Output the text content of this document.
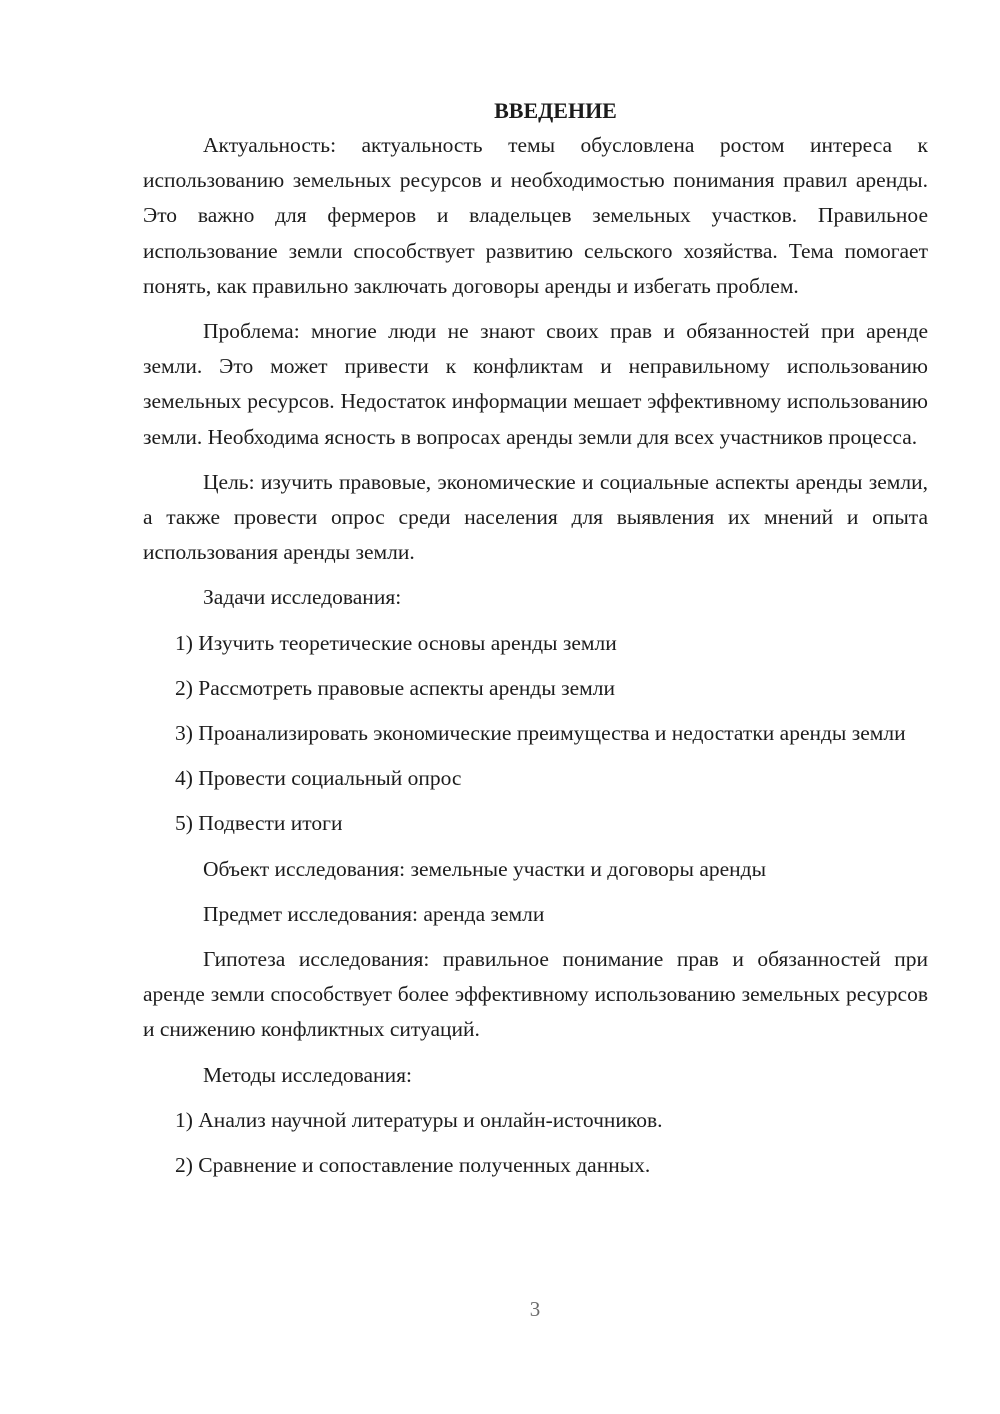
ВВЕДЕНИЕ

Актуальность: актуальность темы обусловлена ростом интереса к использованию земельных ресурсов и необходимостью понимания правил аренды. Это важно для фермеров и владельцев земельных участков. Правильное использование земли способствует развитию сельского хозяйства. Тема помогает понять, как правильно заключать договоры аренды и избегать проблем.

Проблема: многие люди не знают своих прав и обязанностей при аренде земли. Это может привести к конфликтам и неправильному использованию земельных ресурсов. Недостаток информации мешает эффективному использованию земли. Необходима ясность в вопросах аренды земли для всех участников процесса.

Цель: изучить правовые, экономические и социальные аспекты аренды земли, а также провести опрос среди населения для выявления их мнений и опыта использования аренды земли.

Задачи исследования:

1) Изучить теоретические основы аренды земли

2) Рассмотреть правовые аспекты аренды земли

3) Проанализировать экономические преимущества и недостатки аренды земли

4) Провести социальный опрос

5) Подвести итоги

Объект исследования: земельные участки и договоры аренды

Предмет исследования: аренда земли

Гипотеза исследования: правильное понимание прав и обязанностей при аренде земли способствует более эффективному использованию земельных ресурсов и снижению конфликтных ситуаций.

Методы исследования:

1) Анализ научной литературы и онлайн-источников.

2) Сравнение и сопоставление полученных данных.

3
